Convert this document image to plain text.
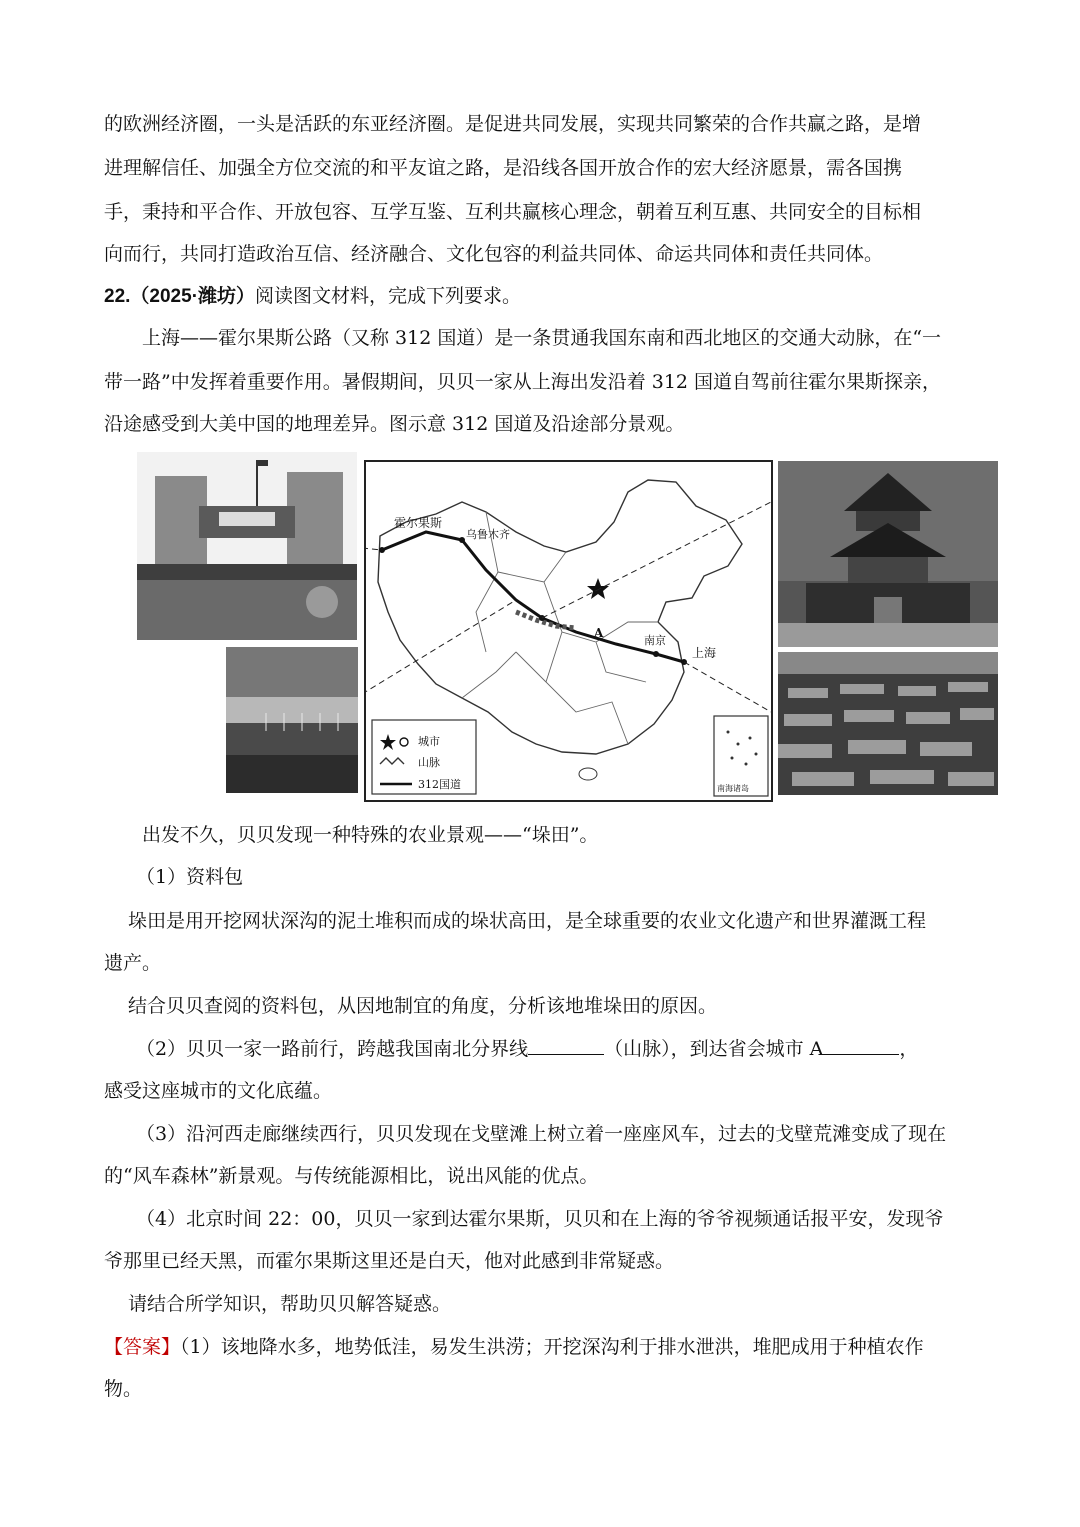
的欧洲经济圈，一头是活跃的东亚经济圈。是促进共同发展，实现共同繁荣的合作共赢之路，是增
进理解信任、加强全方位交流的和平友谊之路，是沿线各国开放合作的宏大经济愿景，需各国携
手，秉持和平合作、开放包容、互学互鉴、互利共赢核心理念，朝着互利互惠、共同安全的目标相
向而行，共同打造政治互信、经济融合、文化包容的利益共同体、命运共同体和责任共同体。
22.（2025·潍坊）阅读图文材料，完成下列要求。
上海——霍尔果斯公路（又称 312 国道）是一条贯通我国东南和西北地区的交通大动脉，在“一
带一路”中发挥着重要作用。暑假期间，贝贝一家从上海出发沿着 312 国道自驾前往霍尔果斯探亲，
沿途感受到大美中国的地理差异。图示意 312 国道及沿途部分景观。
霍尔果斯
乌鲁木齐
A
南京
上海
城市
山脉
312国道	南海诸岛
出发不久，贝贝发现一种特殊的农业景观——“垛田”。
（1）资料包
垛田是用开挖网状深沟的泥土堆积而成的垛状高田，是全球重要的农业文化遗产和世界灌溉工程
遗产。
结合贝贝查阅的资料包，从因地制宜的角度，分析该地堆垛田的原因。
（2）贝贝一家一路前行，跨越我国南北分界线	（山脉），到达省会城市 A	，
感受这座城市的文化底蕴。
（3）沿河西走廊继续西行，贝贝发现在戈壁滩上树立着一座座风车，过去的戈壁荒滩变成了现在
的“风车森林”新景观。与传统能源相比，说出风能的优点。
（4）北京时间 22：00，贝贝一家到达霍尔果斯，贝贝和在上海的爷爷视频通话报平安，发现爷
爷那里已经天黑，而霍尔果斯这里还是白天，他对此感到非常疑惑。
请结合所学知识，帮助贝贝解答疑惑。
【答案】（1）该地降水多，地势低洼，易发生洪涝；开挖深沟利于排水泄洪，堆肥成用于种植农作
物。
